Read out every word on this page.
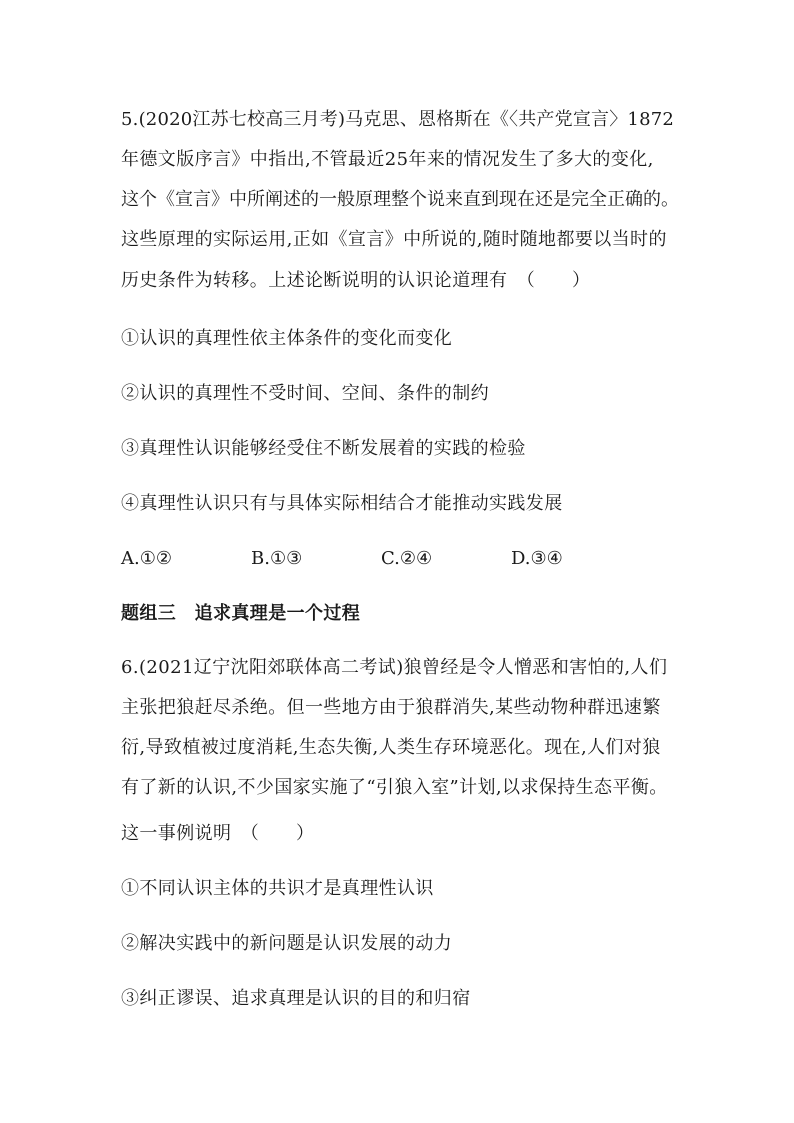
5.(2020江苏七校高三月考)马克思、恩格斯在《〈共产党宣言〉1872
年德文版序言》中指出,不管最近25年来的情况发生了多大的变化,
这个《宣言》中所阐述的一般原理整个说来直到现在还是完全正确的。
这些原理的实际运用,正如《宣言》中所说的,随时随地都要以当时的
历史条件为转移。上述论断说明的认识论道理有　（　　）
①认识的真理性依主体条件的变化而变化
②认识的真理性不受时间、空间、条件的制约
③真理性认识能够经受住不断发展着的实践的检验
④真理性认识只有与具体实际相结合才能推动实践发展
A.①②	B.①③	C.②④	D.③④
题组三　追求真理是一个过程
6.(2021辽宁沈阳郊联体高二考试)狼曾经是令人憎恶和害怕的,人们
主张把狼赶尽杀绝。但一些地方由于狼群消失,某些动物种群迅速繁
衍,导致植被过度消耗,生态失衡,人类生存环境恶化。现在,人们对狼
有了新的认识,不少国家实施了“引狼入室”计划,以求保持生态平衡。
这一事例说明　（　　）
①不同认识主体的共识才是真理性认识
②解决实践中的新问题是认识发展的动力
③纠正谬误、追求真理是认识的目的和归宿
